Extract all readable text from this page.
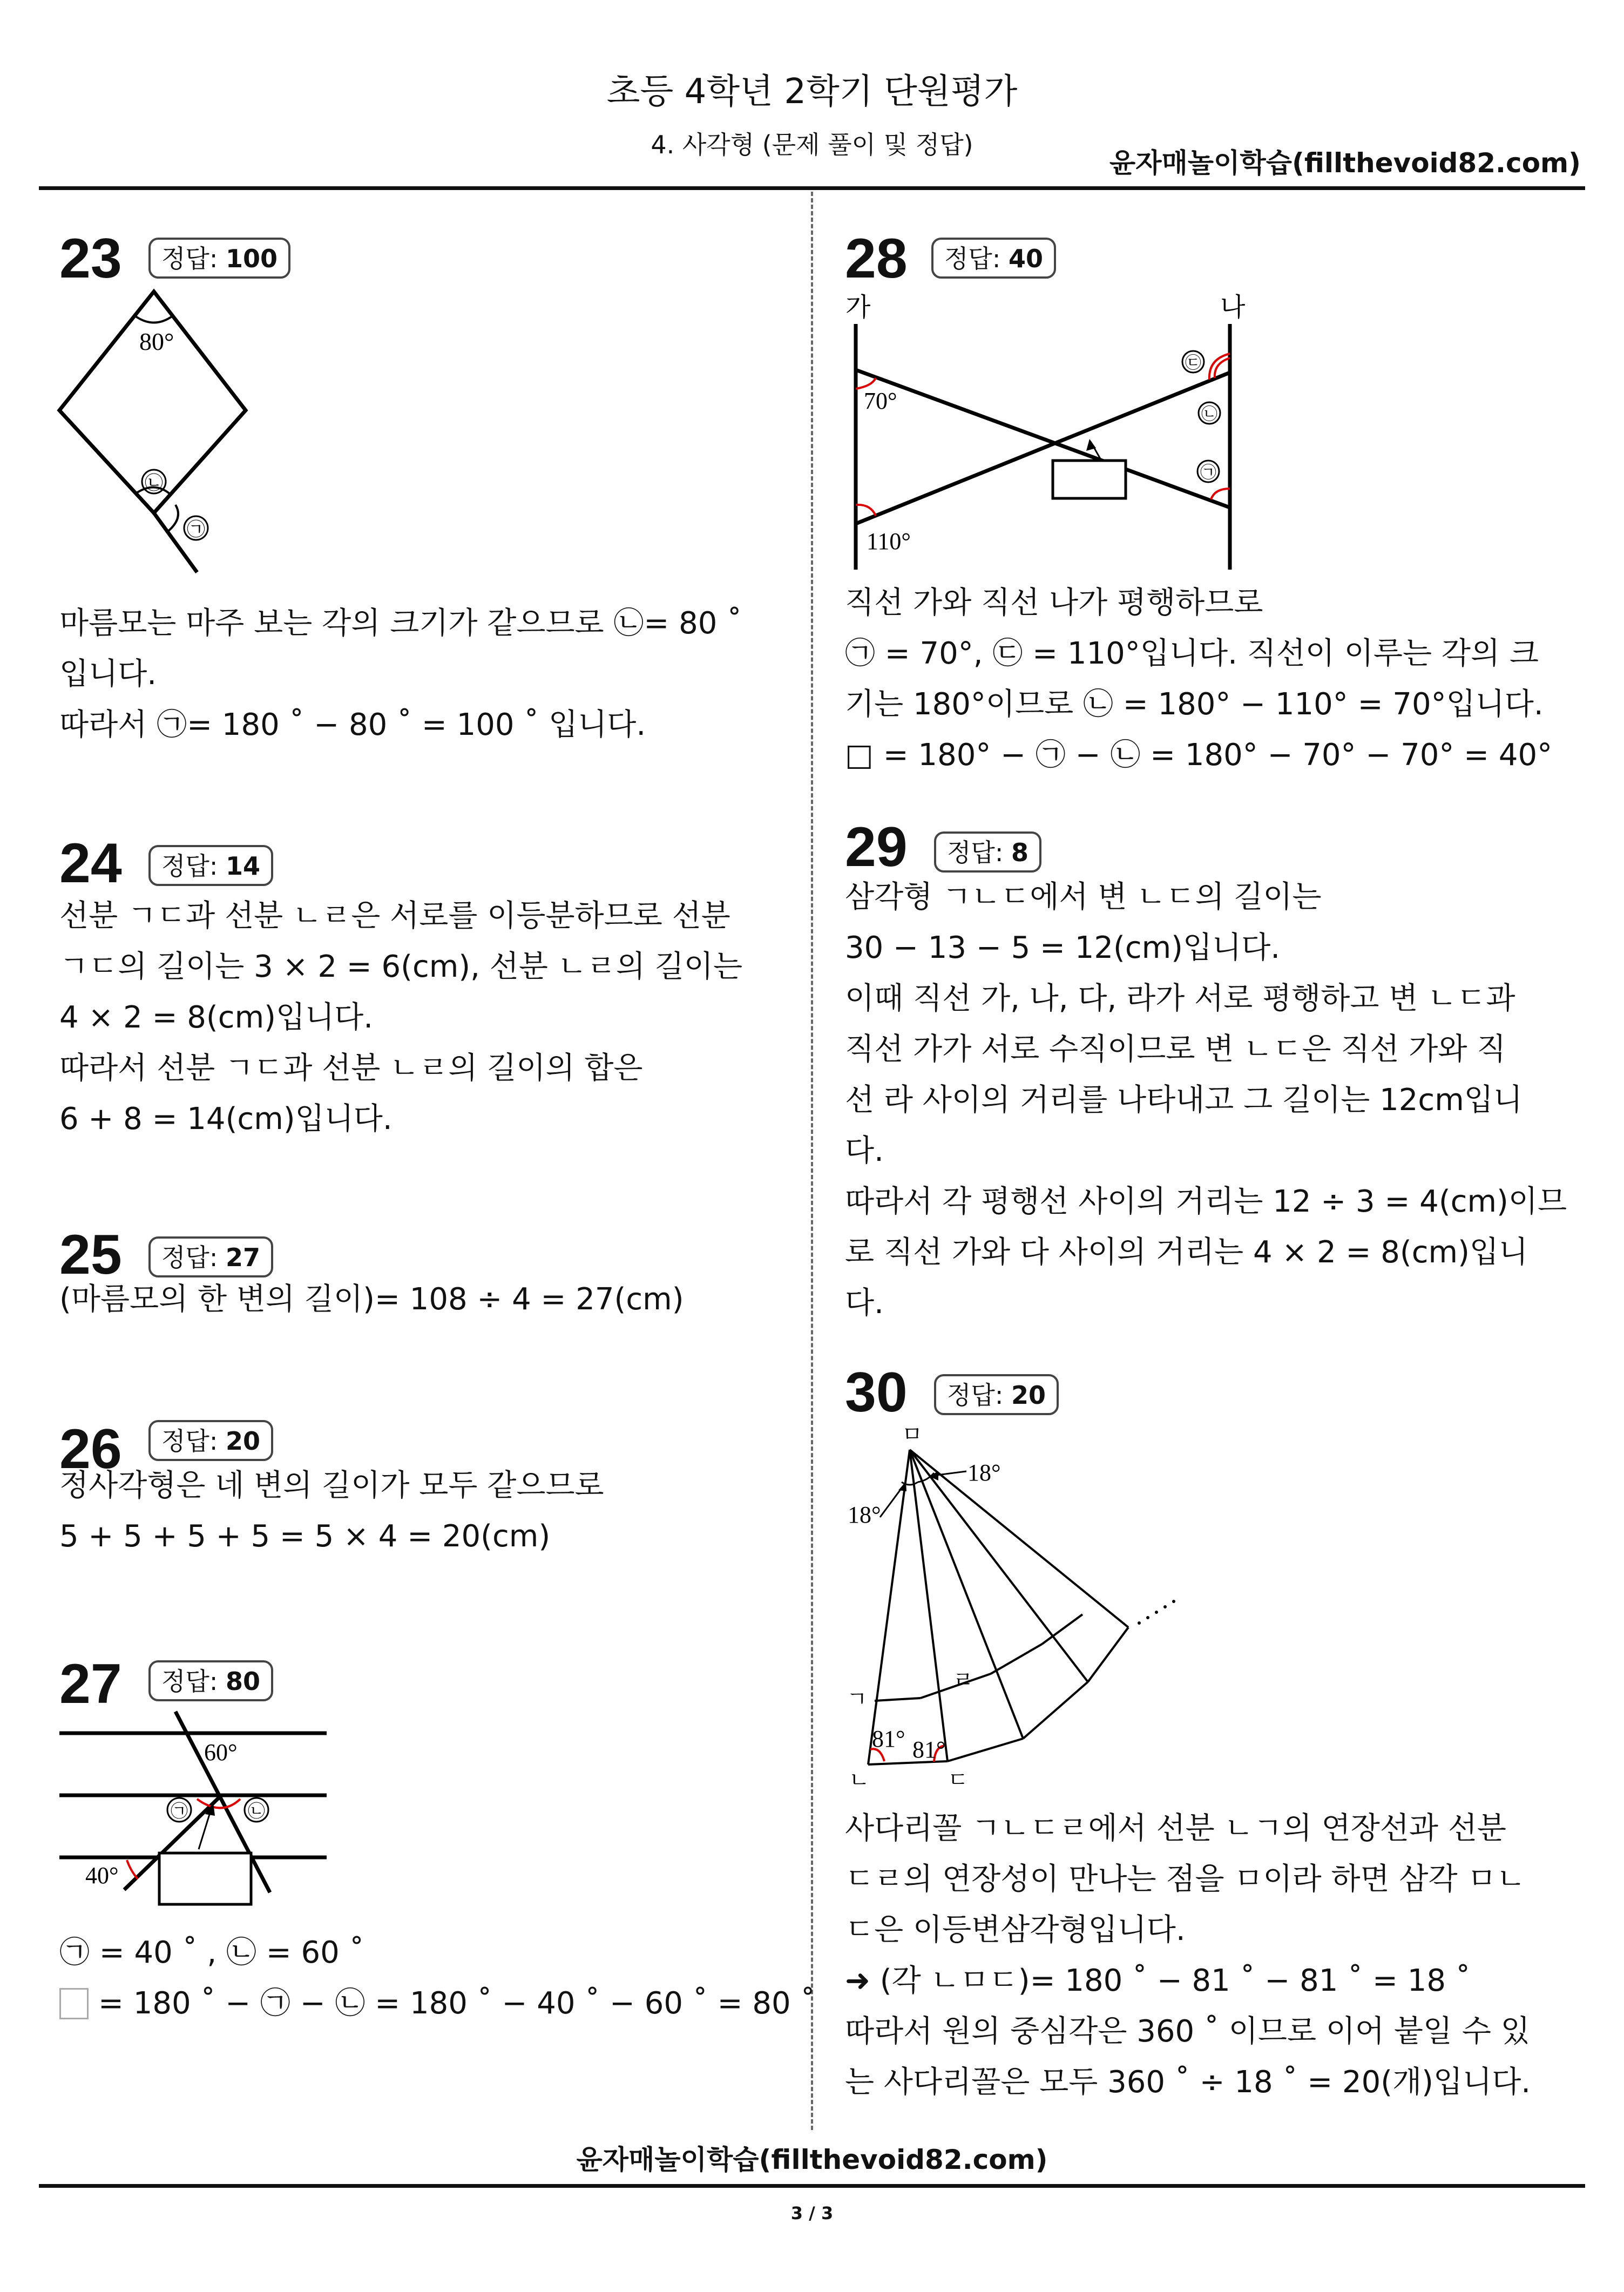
초등 4학년 2학기 단원평가
4. 사각형 (문제 풀이 및 정답)
윤자매놀이학습(fillthevoid82.com)
23	정답: 100
80°
㉡
㉠
마름모는 마주 보는 각의 크기가 같으므로 ㉡= 80 ˚
입니다.
따라서 ㉠= 180 ˚ − 80 ˚ = 100 ˚ 입니다.
24	정답: 14
선분 ㄱㄷ과 선분 ㄴㄹ은 서로를 이등분하므로 선분
ㄱㄷ의 길이는 3 × 2 = 6(cm), 선분 ㄴㄹ의 길이는
4 × 2 = 8(cm)입니다.
따라서 선분 ㄱㄷ과 선분 ㄴㄹ의 길이의 합은
6 + 8 = 14(cm)입니다.
25	정답: 27
(마름모의 한 변의 길이)= 108 ÷ 4 = 27(cm)
26	정답: 20
정사각형은 네 변의 길이가 모두 같으므로
5 + 5 + 5 + 5 = 5 × 4 = 20(cm)
27	정답: 80
60°
40°
㉠	㉡
㉠ = 40 ˚ , ㉡ = 60 ˚
= 180 ˚ − ㉠ − ㉡ = 180 ˚ − 40 ˚ − 60 ˚ = 80 ˚
28	정답: 40
가	나
70°
110°
㉢
㉡
㉠
직선 가와 직선 나가 평행하므로
㉠ = 70°, ㉢ = 110°입니다. 직선이 이루는 각의 크
기는 180°이므로 ㉡ = 180° − 110° = 70°입니다.
□ = 180° − ㉠ − ㉡ = 180° − 70° − 70° = 40°
29	정답: 8
삼각형 ㄱㄴㄷ에서 변 ㄴㄷ의 길이는
30 − 13 − 5 = 12(cm)입니다.
이때 직선 가, 나, 다, 라가 서로 평행하고 변 ㄴㄷ과
직선 가가 서로 수직이므로 변 ㄴㄷ은 직선 가와 직
선 라 사이의 거리를 나타내고 그 길이는 12cm입니
다.
따라서 각 평행선 사이의 거리는 12 ÷ 3 = 4(cm)이므
로 직선 가와 다 사이의 거리는 4 × 2 = 8(cm)입니
다.
30	정답: 20
ㅁ
18°
18°
ㄱ
ㄹ
ㄴ	ㄷ
81° 81°
사다리꼴 ㄱㄴㄷㄹ에서 선분 ㄴㄱ의 연장선과 선분
ㄷㄹ의 연장성이 만나는 점을 ㅁ이라 하면 삼각 ㅁㄴ
ㄷ은 이등변삼각형입니다.
➜ (각 ㄴㅁㄷ)= 180 ˚ − 81 ˚ − 81 ˚ = 18 ˚
따라서 원의 중심각은 360 ˚ 이므로 이어 붙일 수 있
는 사다리꼴은 모두 360 ˚ ÷ 18 ˚ = 20(개)입니다.
윤자매놀이학습(fillthevoid82.com)
3 / 3
